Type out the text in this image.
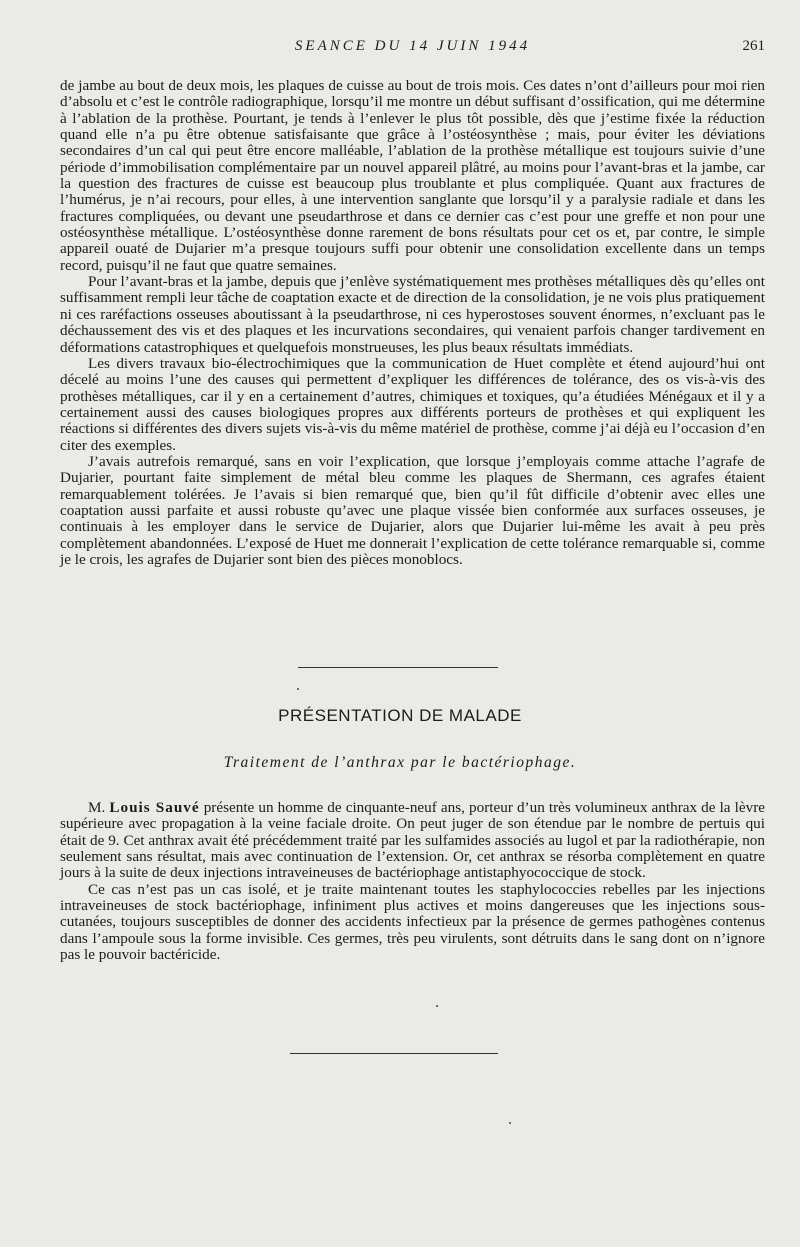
SEANCE DU 14 JUIN 1944	261

de jambe au bout de deux mois, les plaques de cuisse au bout de trois mois. Ces dates n’ont d’ailleurs pour moi rien d’absolu et c’est le contrôle radiographique, lorsqu’il me montre un début suffisant d’ossification, qui me détermine à l’ablation de la prothèse. Pourtant, je tends à l’enlever le plus tôt possible, dès que j’estime fixée la réduction quand elle n’a pu être obtenue satisfaisante que grâce à l’ostéosynthèse ; mais, pour éviter les déviations secondaires d’un cal qui peut être encore malléable, l’ablation de la prothèse métallique est toujours suivie d’une période d’immobilisation complémentaire par un nouvel appareil plâtré, au moins pour l’avant-bras et la jambe, car la question des fractures de cuisse est beaucoup plus troublante et plus compliquée. Quant aux fractures de l’humérus, je n’ai recours, pour elles, à une intervention sanglante que lorsqu’il y a paralysie radiale et dans les fractures compliquées, ou devant une pseudarthrose et dans ce dernier cas c’est pour une greffe et non pour une ostéosynthèse métallique. L’ostéosynthèse donne rarement de bons résultats pour cet os et, par contre, le simple appareil ouaté de Dujarier m’a presque toujours suffi pour obtenir une consolidation excellente dans un temps record, puisqu’il ne faut que quatre semaines.

Pour l’avant-bras et la jambe, depuis que j’enlève systématiquement mes prothèses métalliques dès qu’elles ont suffisamment rempli leur tâche de coaptation exacte et de direction de la consolidation, je ne vois plus pratiquement ni ces raréfactions osseuses aboutissant à la pseudarthrose, ni ces hyperostoses souvent énormes, n’excluant pas le déchaussement des vis et des plaques et les incurvations secondaires, qui venaient parfois changer tardivement en déformations catastrophiques et quelquefois monstrueuses, les plus beaux résultats immédiats.

Les divers travaux bio-électrochimiques que la communication de Huet complète et étend aujourd’hui ont décelé au moins l’une des causes qui permettent d’expliquer les différences de tolérance, des os vis-à-vis des prothèses métalliques, car il y en a certainement d’autres, chimiques et toxiques, qu’a étudiées Ménégaux et il y a certainement aussi des causes biologiques propres aux différents porteurs de prothèses et qui expliquent les réactions si différentes des divers sujets vis-à-vis du même matériel de prothèse, comme j’ai déjà eu l’occasion d’en citer des exemples.

J’avais autrefois remarqué, sans en voir l’explication, que lorsque j’employais comme attache l’agrafe de Dujarier, pourtant faite simplement de métal bleu comme les plaques de Shermann, ces agrafes étaient remarquablement tolérées. Je l’avais si bien remarqué que, bien qu’il fût difficile d’obtenir avec elles une coaptation aussi parfaite et aussi robuste qu’avec une plaque vissée bien conformée aux surfaces osseuses, je continuais à les employer dans le service de Dujarier, alors que Dujarier lui-même les avait à peu près complètement abandonnées. L’exposé de Huet me donnerait l’explication de cette tolérance remarquable si, comme je le crois, les agrafes de Dujarier sont bien des pièces monoblocs.

PRÉSENTATION DE MALADE
Traitement de l’anthrax par le bactériophage.

M. Louis Sauvé présente un homme de cinquante-neuf ans, porteur d’un très volumineux anthrax de la lèvre supérieure avec propagation à la veine faciale droite. On peut juger de son étendue par le nombre de pertuis qui était de 9. Cet anthrax avait été précédemment traité par les sulfamides associés au lugol et par la radiothérapie, non seulement sans résultat, mais avec continuation de l’extension. Or, cet anthrax se résorba complètement en quatre jours à la suite de deux injections intraveineuses de bactériophage antistaphyococcique de stock.

Ce cas n’est pas un cas isolé, et je traite maintenant toutes les staphylococcies rebelles par les injections intraveineuses de stock bactériophage, infiniment plus actives et moins dangereuses que les injections sous-cutanées, toujours susceptibles de donner des accidents infectieux par la présence de germes pathogènes contenus dans l’ampoule sous la forme invisible. Ces germes, très peu virulents, sont détruits dans le sang dont on n’ignore pas le pouvoir bactéricide.
